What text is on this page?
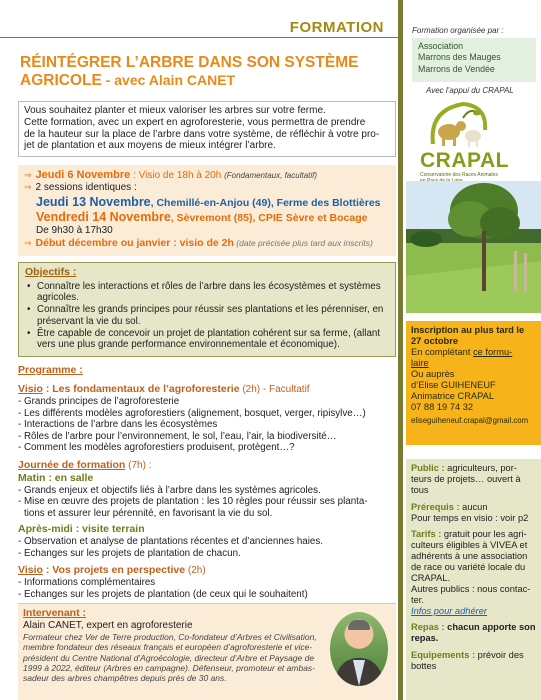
FORMATION
RÉINTÉGRER L’ARBRE DANS SON SYSTÈME
AGRICOLE - avec Alain CANET
Vous souhaitez planter et mieux valoriser les arbres sur votre ferme.
Cette formation, avec un expert en agroforesterie, vous permettra de prendre
de la hauteur sur la place de l’arbre dans votre système, de réfléchir à votre pro-
jet de plantation et aux moyens de mieux intégrer l’arbre.
⇒ Jeudi 6 Novembre : Visio de 18h à 20h (Fondamentaux, facultatif)
⇒ 2 sessions identiques :
Jeudi 13 Novembre, Chemillé-en-Anjou (49), Ferme des Blottières
Vendredi 14 Novembre, Sèvremont (85), CPIE Sèvre et Bocage
De 9h30 à 17h30
⇒ Début décembre ou janvier : visio de 2h (date précisée plus tard aux inscrits)
Objectifs :
• Connaître les interactions et rôles de l’arbre dans les écosystèmes et systèmes agricoles.
• Connaître les grands principes pour réussir ses plantations et les pérenniser, en préservant la vie du sol.
• Être capable de concevoir un projet de plantation cohérent sur sa ferme, (allant vers une plus grande performance environnementale et économique).
Programme :
Visio : Les fondamentaux de l’agroforesterie (2h) - Facultatif
- Grands principes de l’agroforesterie
- Les différents modèles agroforestiers (alignement, bosquet, verger, ripisylve…)
- Interactions de l’arbre dans les écosystèmes
- Rôles de l’arbre pour l’environnement, le sol, l’eau, l’air, la biodiversité…
- Comment les modèles agroforestiers produisent, protègent…?
Journée de formation (7h) :
Matin : en salle
- Grands enjeux et objectifs liés à l’arbre dans les systèmes agricoles.
- Mise en œuvre des projets de plantation : les 10 règles pour réussir ses planta-
tions et assurer leur pérennité, en favorisant la vie du sol.
Après-midi : visite terrain
- Observation et analyse de plantations récentes et d’anciennes haies.
- Echanges sur les projets de plantation de chacun.
Visio : Vos projets en perspective (2h)
- Informations complémentaires
- Echanges sur les projets de plantation (de ceux qui le souhaitent)
Intervenant :
Alain CANET, expert en agroforesterie
Formateur chez Ver de Terre production, Co-fondateur d’Arbres et Civilisation,
membre fondateur des réseaux français et européen d’agroforesterie et vice-
président du Centre National d’Agroécologie, directeur d’Arbre et Paysage de
1999 à 2022, éditeur (Arbres en campagne). Défenseur, promoteur et ambas-
sadeur des arbres champêtres depuis près de 30 ans.
Formation organisée par :
Association
Marrons des Mauges
Marrons de Vendée
Avec l’appui du CRAPAL
CRAPAL
Conservatoire des Races Animales
Inscription au plus tard le
27 octobre
En complétant ce formu-
laire
Ou auprès
d’Elise GUIHENEUF
Animatrice CRAPAL
07 88 19 74 32
eliseguiheneuf.crapal@gmail.com
Public : agriculteurs, por-teurs de projets… ouvert à tous
Prérequis : aucun
Pour temps en visio : voir p2
Tarifs : gratuit pour les agri-culteurs éligibles à VIVEA et adhérents à une association de race ou variété locale du CRAPAL.
Autres publics : nous contac-ter.
Infos pour adhérer
Repas : chacun apporte son repas.
Equipements : prévoir des bottes
